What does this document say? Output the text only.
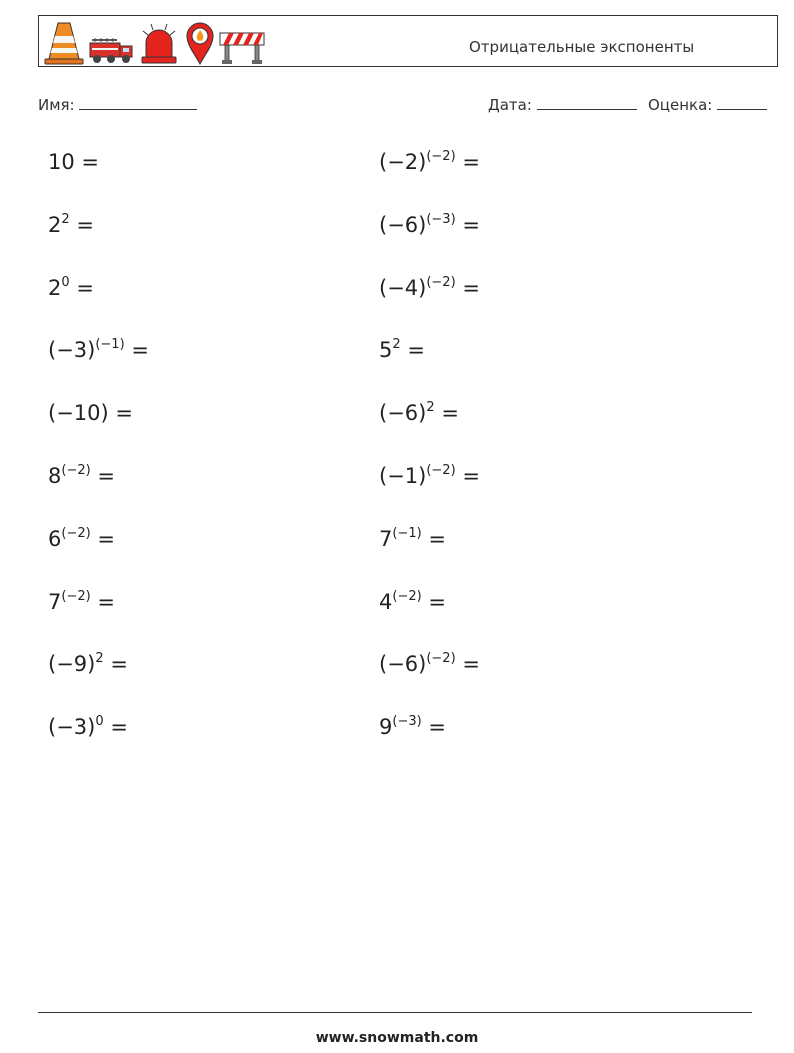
Отрицательные экспоненты
Имя:	Дата:	Оценка:
10 =
$2^2$ =
$2^0$ =
$(-3)^{(-1)}$ =
(−10) =
$8^{(-2)}$ =
$6^{(-2)}$ =
$7^{(-2)}$ =
$(-9)^2$ =
$(-3)^0$ =
$(-2)^{(-2)}$ =
$(-6)^{(-3)}$ =
$(-4)^{(-2)}$ =
$5^2$ =
$(-6)^2$ =
$(-1)^{(-2)}$ =
$7^{(-1)}$ =
$4^{(-2)}$ =
$(-6)^{(-2)}$ =
$9^{(-3)}$ =
www.snowmath.com
